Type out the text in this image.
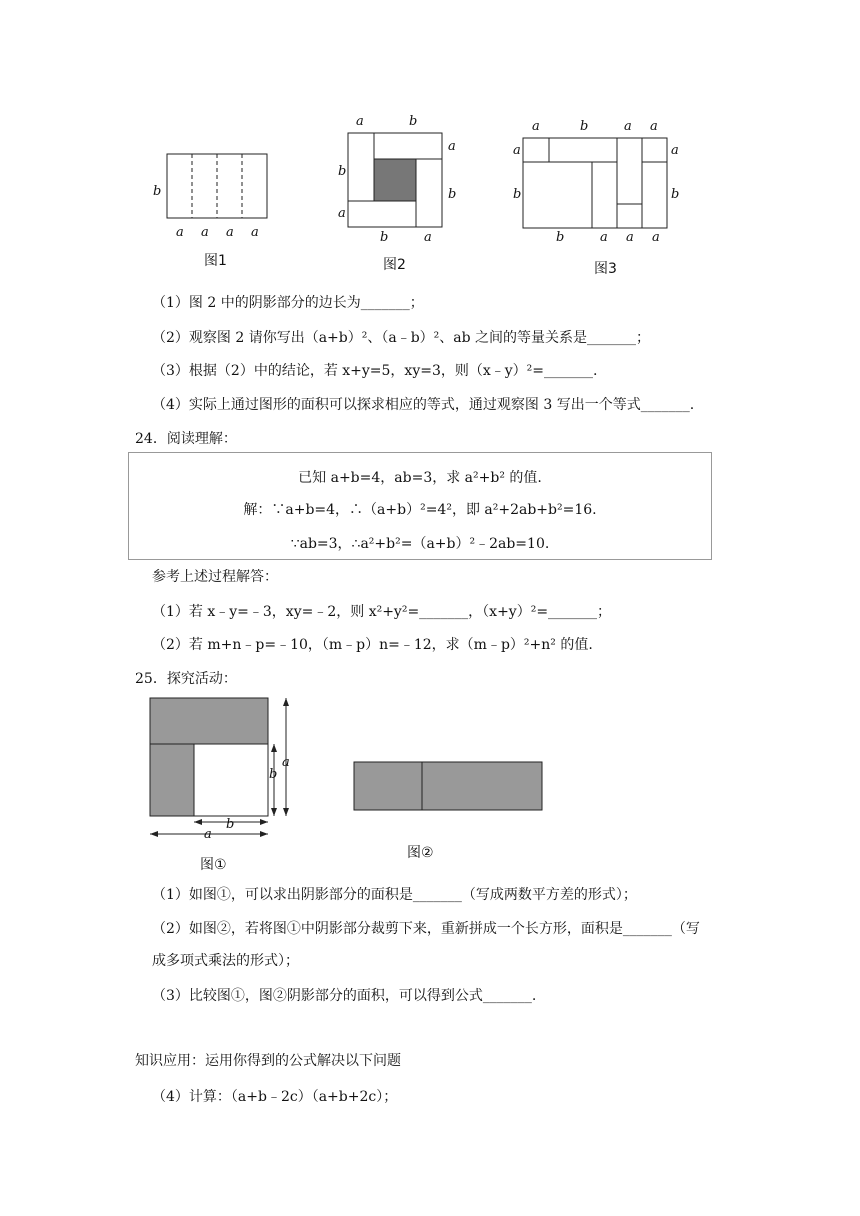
b
a a a a
图1
a	b
a
b
b
a
b	a
图2
a	b	a a
a
b
a
b
b	a a a
图3
（1）图 2 中的阴影部分的边长为_______；
（2）观察图 2 请你写出（a+b）²、（a﹣b）²、ab 之间的等量关系是_______；
（3）根据（2）中的结论，若 x+y=5，xy=3，则（x﹣y）²=_______.
（4）实际上通过图形的面积可以探求相应的等式，通过观察图 3 写出一个等式_______.
24．阅读理解：
已知 a+b=4，ab=3，求 a²+b² 的值.
解：∵a+b=4，∴（a+b）²=4²，即 a²+2ab+b²=16.
∵ab=3，∴a²+b²=（a+b）²﹣2ab=10.
参考上述过程解答：
（1）若 x﹣y=﹣3，xy=﹣2，则 x²+y²=_______，（x+y）²=_______；
（2）若 m+n﹣p=﹣10，（m﹣p）n=﹣12，求（m﹣p）²+n² 的值.
25．探究活动：
a
b
a
b
图①
图②
（1）如图①，可以求出阴影部分的面积是_______（写成两数平方差的形式）；
（2）如图②，若将图①中阴影部分裁剪下来，重新拼成一个长方形，面积是_______（写
成多项式乘法的形式）；
（3）比较图①，图②阴影部分的面积，可以得到公式_______.
知识应用：运用你得到的公式解决以下问题
（4）计算：（a+b﹣2c）（a+b+2c）；
